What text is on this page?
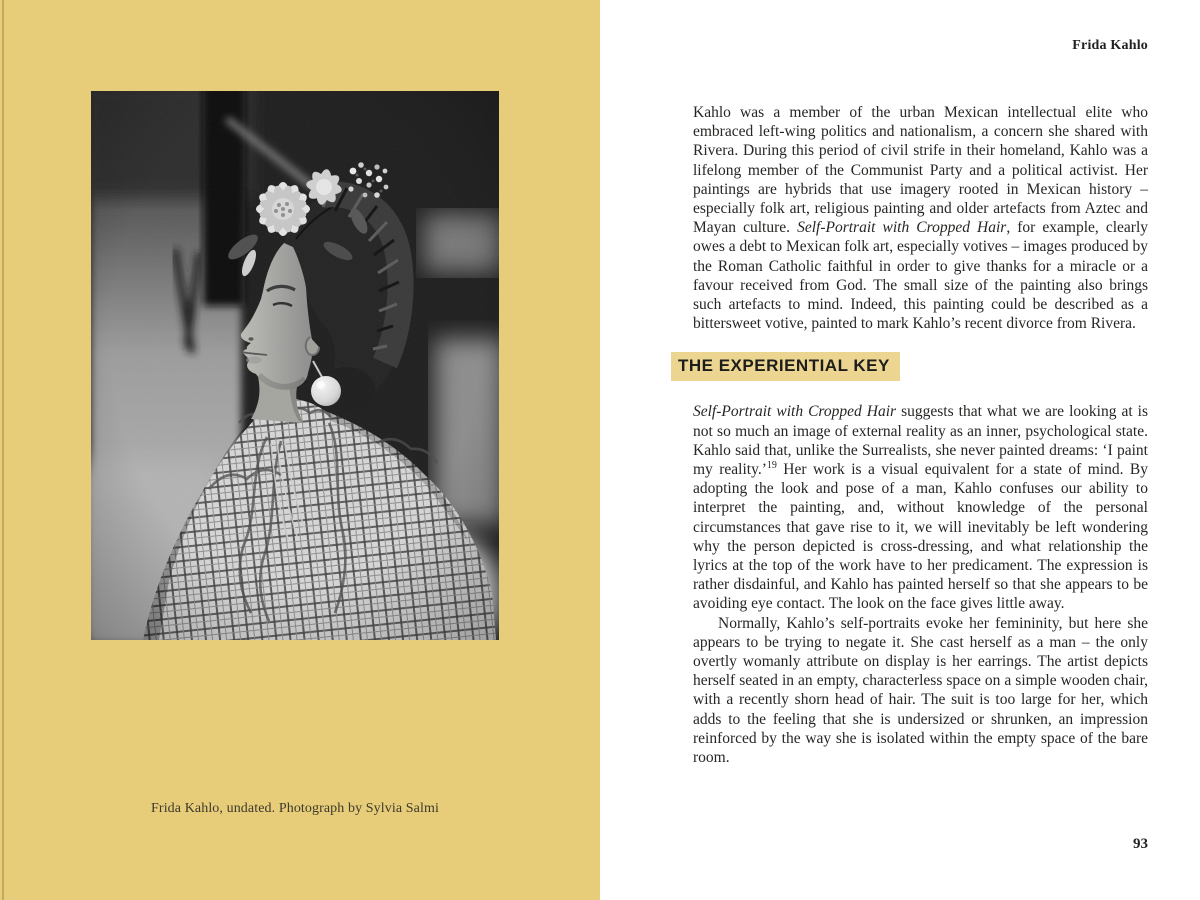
Frida Kahlo, undated. Photograph by Sylvia Salmi
Frida Kahlo

Kahlo was a member of the urban Mexican intellectual elite who embraced left-wing politics and nationalism, a concern she shared with Rivera. During this period of civil strife in their homeland, Kahlo was a lifelong member of the Communist Party and a political activist. Her paintings are hybrids that use imagery rooted in Mexican history – especially folk art, religious painting and older artefacts from Aztec and Mayan culture. Self-Portrait with Cropped Hair, for example, clearly owes a debt to Mexican folk art, especially votives – images produced by the Roman Catholic faithful in order to give thanks for a miracle or a favour received from God. The small size of the painting also brings such artefacts to mind. Indeed, this painting could be described as a bittersweet votive, painted to mark Kahlo’s recent divorce from Rivera.

THE EXPERIENTIAL KEY

Self-Portrait with Cropped Hair suggests that what we are looking at is not so much an image of external reality as an inner, psychological state. Kahlo said that, unlike the Surrealists, she never painted dreams: ‘I paint my reality.’$^{19}$ Her work is a visual equivalent for a state of mind. By adopting the look and pose of a man, Kahlo confuses our ability to interpret the painting, and, without knowledge of the personal circumstances that gave rise to it, we will inevitably be left wondering why the person depicted is cross-dressing, and what relationship the lyrics at the top of the work have to her predicament. The expression is rather disdainful, and Kahlo has painted herself so that she appears to be avoiding eye contact. The look on the face gives little away.

Normally, Kahlo’s self-portraits evoke her femininity, but here she appears to be trying to negate it. She cast herself as a man – the only overtly womanly attribute on display is her earrings. The artist depicts herself seated in an empty, characterless space on a simple wooden chair, with a recently shorn head of hair. The suit is too large for her, which adds to the feeling that she is undersized or shrunken, an impression reinforced by the way she is isolated within the empty space of the bare room.

93
